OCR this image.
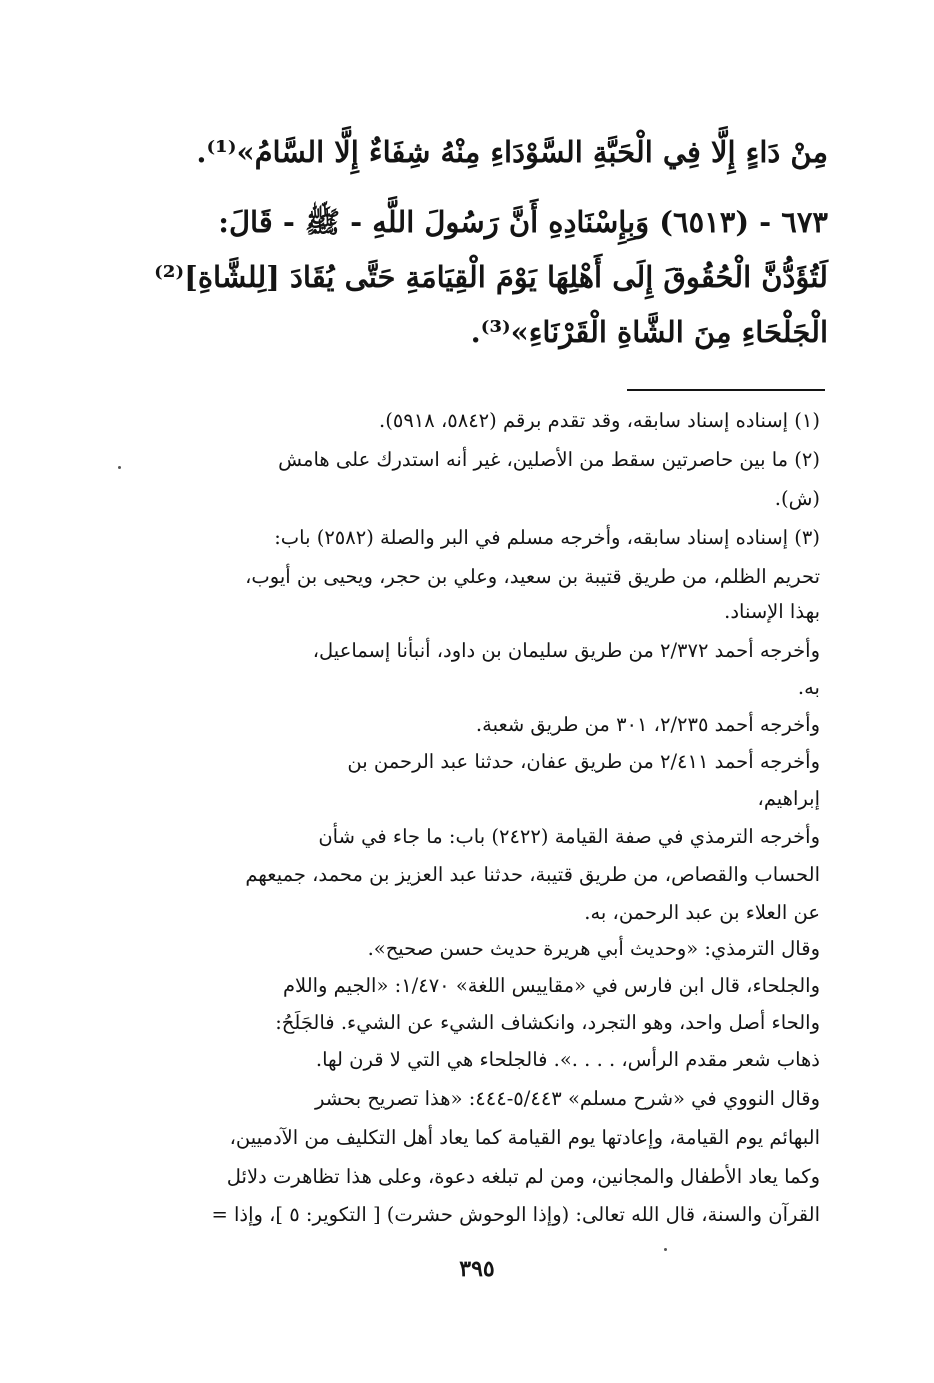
مِنْ دَاءٍ إِلَّا فِي الْحَبَّةِ السَّوْدَاءِ مِنْهُ شِفَاءٌ إِلَّا السَّامُ»⁽¹⁾.
٦٧٣ - (٦٥١٣) وَبِإِسْنَادِهِ أَنَّ رَسُولَ اللَّهِ - ﷺ - قَالَ:
لَتُؤَدُّنَّ الْحُقُوقَ إِلَى أَهْلِهَا يَوْمَ الْقِيَامَةِ حَتَّى يُقَادَ [لِلشَّاةِ]⁽²⁾
الْجَلْحَاءِ مِنَ الشَّاةِ الْقَرْنَاءِ»⁽³⁾.
(١) إسناده إسناد سابقه، وقد تقدم برقم (٥٨٤٢، ٥٩١٨).
(٢) ما بين حاصرتين سقط من الأصلين، غير أنه استدرك على هامش
(ش).
(٣) إسناده إسناد سابقه، وأخرجه مسلم في البر والصلة (٢٥٨٢) باب:
تحريم الظلم، من طريق قتيبة بن سعيد، وعلي بن حجر، ويحيى بن أيوب،
بهذا الإسناد.
وأخرجه أحمد ٢/٣٧٢ من طريق سليمان بن داود، أنبأنا إسماعيل،
به.
وأخرجه أحمد ٢/٢٣٥، ٣٠١ من طريق شعبة.
وأخرجه أحمد ٢/٤١١ من طريق عفان، حدثنا عبد الرحمن بن
إبراهيم،
وأخرجه الترمذي في صفة القيامة (٢٤٢٢) باب: ما جاء في شأن
الحساب والقصاص، من طريق قتيبة، حدثنا عبد العزيز بن محمد، جميعهم
عن العلاء بن عبد الرحمن، به.
وقال الترمذي: «وحديث أبي هريرة حديث حسن صحيح».
والجلحاء، قال ابن فارس في «مقاييس اللغة» ١/٤٧٠: «الجيم واللام
والحاء أصل واحد، وهو التجرد، وانكشاف الشيء عن الشيء. فالجَلَحُ:
ذهاب شعر مقدم الرأس، . . . .». فالجلحاء هي التي لا قرن لها.
وقال النووي في «شرح مسلم» ٥/٤٤٣-٤٤٤: «هذا تصريح بحشر
البهائم يوم القيامة، وإعادتها يوم القيامة كما يعاد أهل التكليف من الآدميين،
وكما يعاد الأطفال والمجانين، ومن لم تبلغه دعوة، وعلى هذا تظاهرت دلائل
القرآن والسنة، قال الله تعالى: (وإذا الوحوش حشرت) [ التكوير: ٥ ]، وإذا =
٣٩٥
